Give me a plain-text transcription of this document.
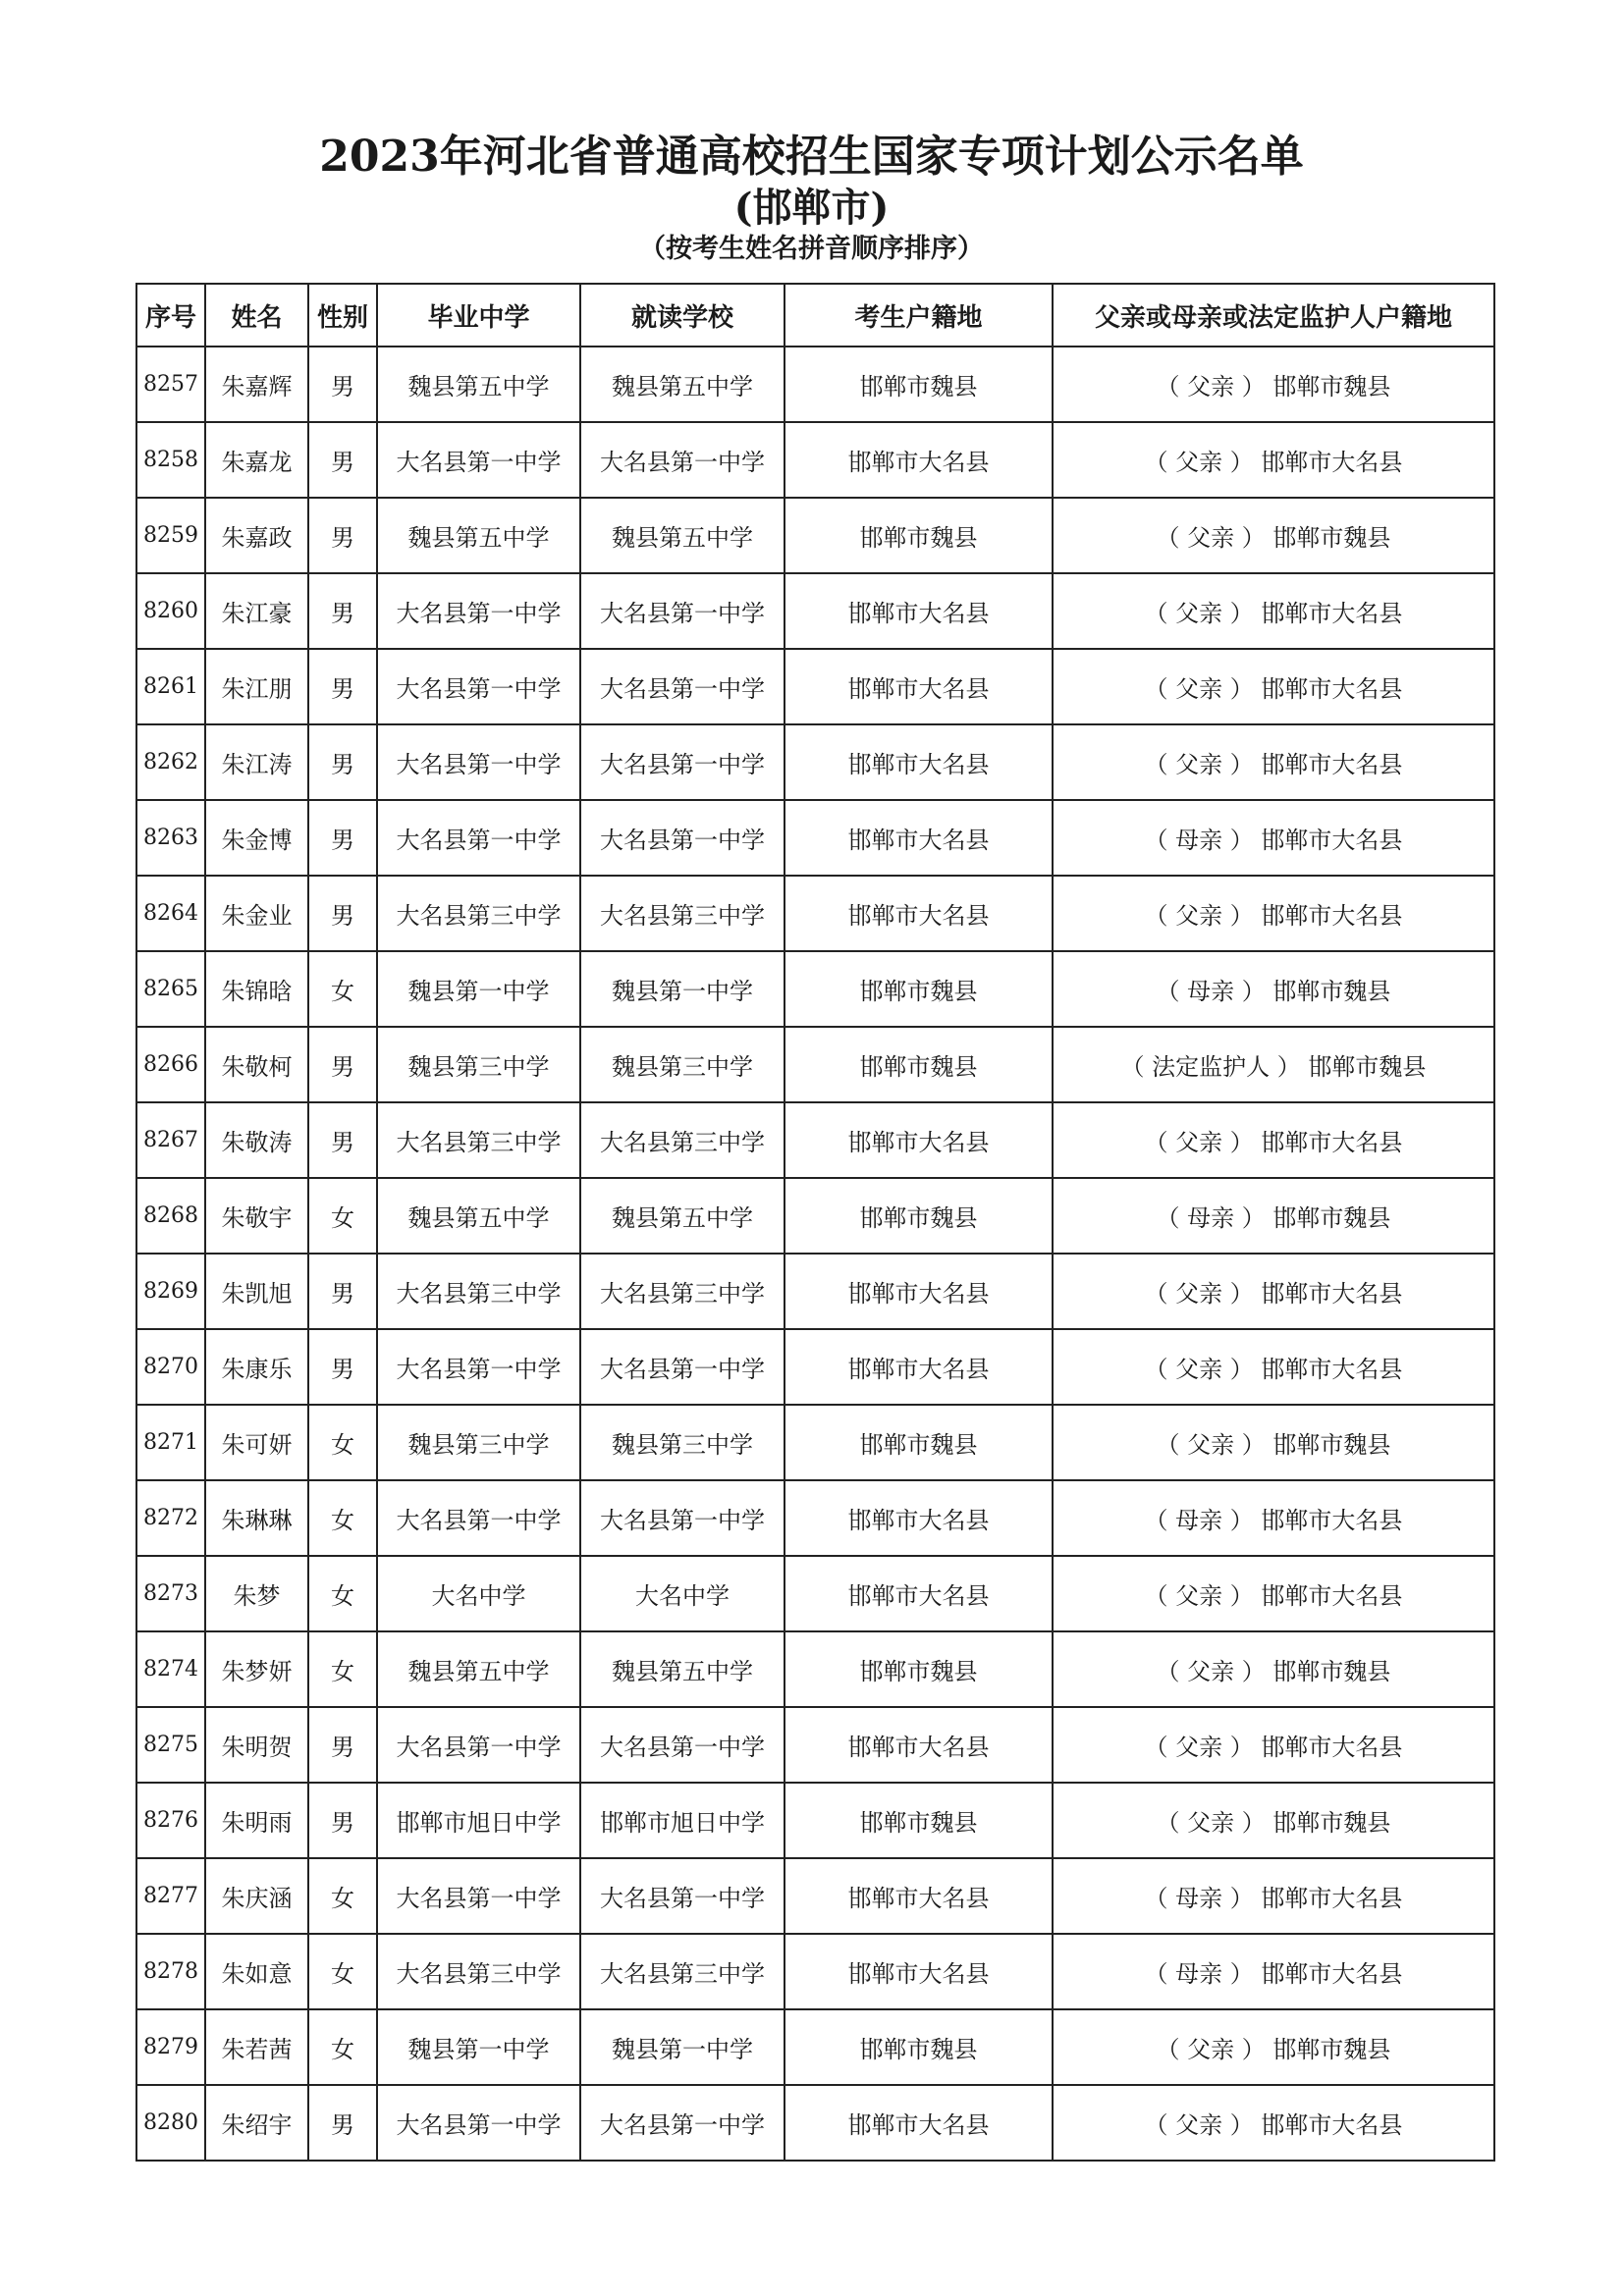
2023年河北省普通高校招生国家专项计划公示名单
(邯郸市)
（按考生姓名拼音顺序排序）
序号	姓名	性别	毕业中学	就读学校	考生户籍地	父亲或母亲或法定监护人户籍地
8257	朱嘉辉	男	魏县第五中学	魏县第五中学	邯郸市魏县	（ 父亲 ） 邯郸市魏县
8258	朱嘉龙	男	大名县第一中学	大名县第一中学	邯郸市大名县	（ 父亲 ） 邯郸市大名县
8259	朱嘉政	男	魏县第五中学	魏县第五中学	邯郸市魏县	（ 父亲 ） 邯郸市魏县
8260	朱江豪	男	大名县第一中学	大名县第一中学	邯郸市大名县	（ 父亲 ） 邯郸市大名县
8261	朱江朋	男	大名县第一中学	大名县第一中学	邯郸市大名县	（ 父亲 ） 邯郸市大名县
8262	朱江涛	男	大名县第一中学	大名县第一中学	邯郸市大名县	（ 父亲 ） 邯郸市大名县
8263	朱金博	男	大名县第一中学	大名县第一中学	邯郸市大名县	（ 母亲 ） 邯郸市大名县
8264	朱金业	男	大名县第三中学	大名县第三中学	邯郸市大名县	（ 父亲 ） 邯郸市大名县
8265	朱锦晗	女	魏县第一中学	魏县第一中学	邯郸市魏县	（ 母亲 ） 邯郸市魏县
8266	朱敬柯	男	魏县第三中学	魏县第三中学	邯郸市魏县	（ 法定监护人 ） 邯郸市魏县
8267	朱敬涛	男	大名县第三中学	大名县第三中学	邯郸市大名县	（ 父亲 ） 邯郸市大名县
8268	朱敬宇	女	魏县第五中学	魏县第五中学	邯郸市魏县	（ 母亲 ） 邯郸市魏县
8269	朱凯旭	男	大名县第三中学	大名县第三中学	邯郸市大名县	（ 父亲 ） 邯郸市大名县
8270	朱康乐	男	大名县第一中学	大名县第一中学	邯郸市大名县	（ 父亲 ） 邯郸市大名县
8271	朱可妍	女	魏县第三中学	魏县第三中学	邯郸市魏县	（ 父亲 ） 邯郸市魏县
8272	朱琳琳	女	大名县第一中学	大名县第一中学	邯郸市大名县	（ 母亲 ） 邯郸市大名县
8273	朱梦	女	大名中学	大名中学	邯郸市大名县	（ 父亲 ） 邯郸市大名县
8274	朱梦妍	女	魏县第五中学	魏县第五中学	邯郸市魏县	（ 父亲 ） 邯郸市魏县
8275	朱明贺	男	大名县第一中学	大名县第一中学	邯郸市大名县	（ 父亲 ） 邯郸市大名县
8276	朱明雨	男	邯郸市旭日中学	邯郸市旭日中学	邯郸市魏县	（ 父亲 ） 邯郸市魏县
8277	朱庆涵	女	大名县第一中学	大名县第一中学	邯郸市大名县	（ 母亲 ） 邯郸市大名县
8278	朱如意	女	大名县第三中学	大名县第三中学	邯郸市大名县	（ 母亲 ） 邯郸市大名县
8279	朱若茜	女	魏县第一中学	魏县第一中学	邯郸市魏县	（ 父亲 ） 邯郸市魏县
8280	朱绍宇	男	大名县第一中学	大名县第一中学	邯郸市大名县	（ 父亲 ） 邯郸市大名县
